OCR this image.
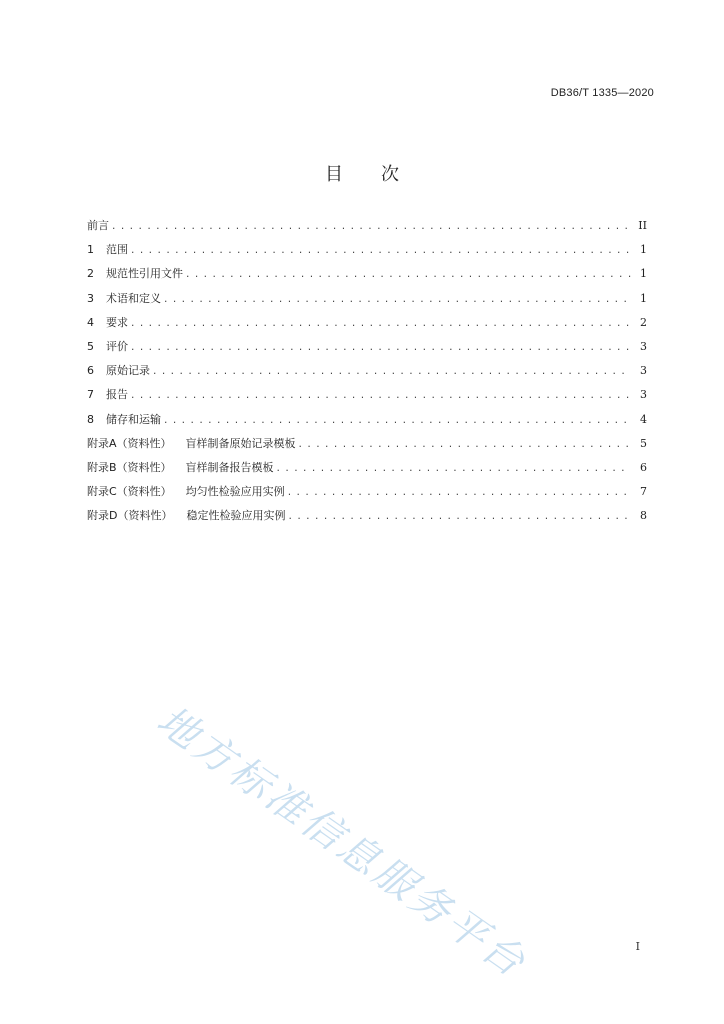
DB36/T 1335—2020
目 次
前言 . . .	II
1	范围 . . .	1
2	规范性引用文件 . . .	1
3	术语和定义 . . .	1
4	要求 . . .	2
5	评价 . . .	3
6	原始记录 . . .	3
7	报告 . . .	3
8	储存和运输 . . .	4
附录A（资料性） 盲样制备原始记录模板 . . .	5
附录B（资料性） 盲样制备报告模板 . . .	6
附录C（资料性） 均匀性检验应用实例 . . .	7
附录D（资料性） 稳定性检验应用实例 . . .	8
地方标准信息服务平台	I
